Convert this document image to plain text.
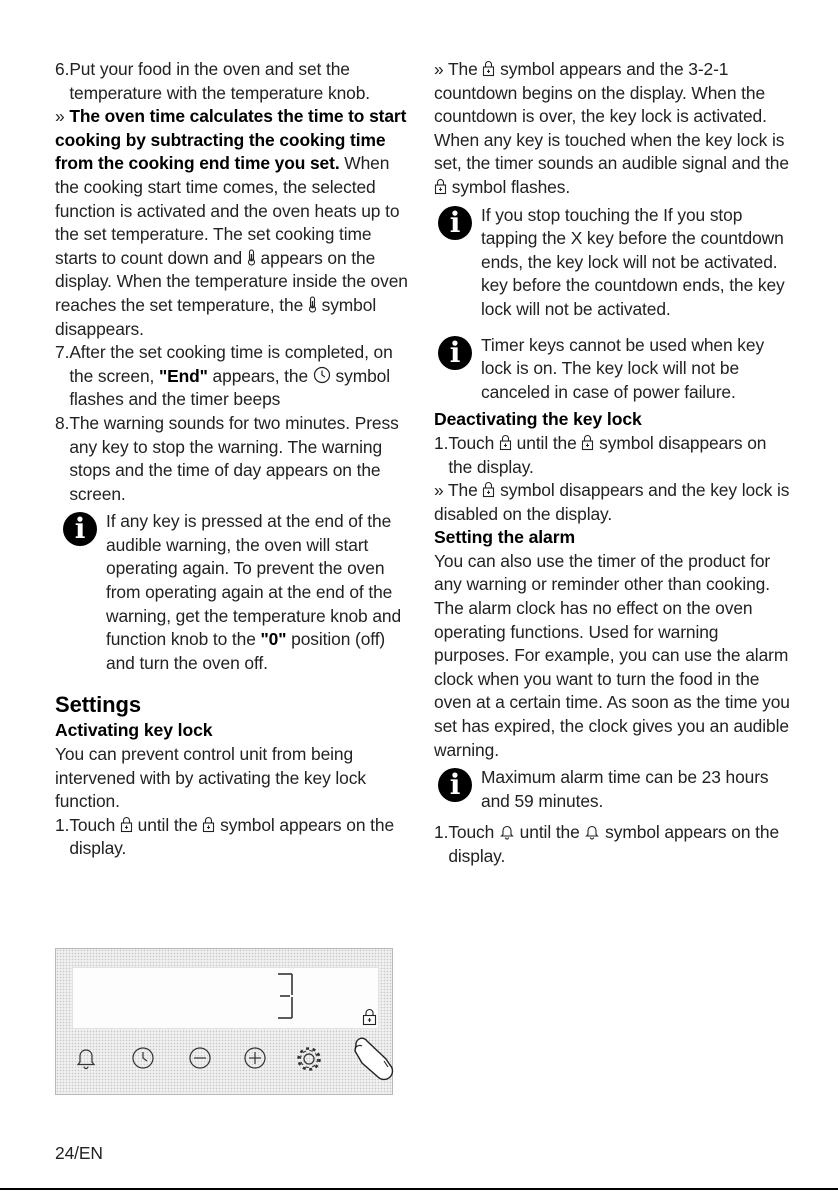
6. Put your food in the oven and set the temperature with the temperature knob.

» The oven time calculates the time to start cooking by subtracting the cooking time from the cooking end time you set. When the cooking start time comes, the selected function is activated and the oven heats up to the set temperature. The set cooking time starts to count down and
appears on the display. When the temperature inside the oven reaches the set temperature, the
symbol disappears.

7. After the set cooking time is completed, on the screen, "End" appears, the
symbol flashes and the timer beeps
8. The warning sounds for two minutes. Press any key to stop the warning. The warning stops and the time of day appears on the screen.
i	If any key is pressed at the end of the audible warning, the oven will start operating again. To prevent the oven from operating again at the end of the warning, get the temperature knob and function knob to the "0" position (off) and turn the oven off.
Settings
Activating key lock

You can prevent control unit from being intervened with by activating the key lock function.

1. Touch
until the
symbol appears on the display.

» The
symbol appears and the 3-2-1 countdown begins on the display. When the countdown is over, the key lock is activated. When any key is touched when the key lock is set, the timer sounds an audible signal and the
symbol flashes.

i	If you stop touching the If you stop tapping the X key before the countdown ends, the key lock will not be activated. key before the countdown ends, the key lock will not be activated.
i	Timer keys cannot be used when key lock is on. The key lock will not be canceled in case of power failure.
Deactivating the key lock
1. Touch
until the
symbol disappears on the display.

» The
symbol disappears and the key lock is disabled on the display.

Setting the alarm

You can also use the timer of the product for any warning or reminder other than cooking.

The alarm clock has no effect on the oven operating functions. Used for warning purposes. For example, you can use the alarm clock when you want to turn the food in the oven at a certain time. As soon as the time you set has expired, the clock gives you an audible warning.

i	Maximum alarm time can be 23 hours and 59 minutes.
1. Touch
until the
symbol appears on the display.
24/EN
